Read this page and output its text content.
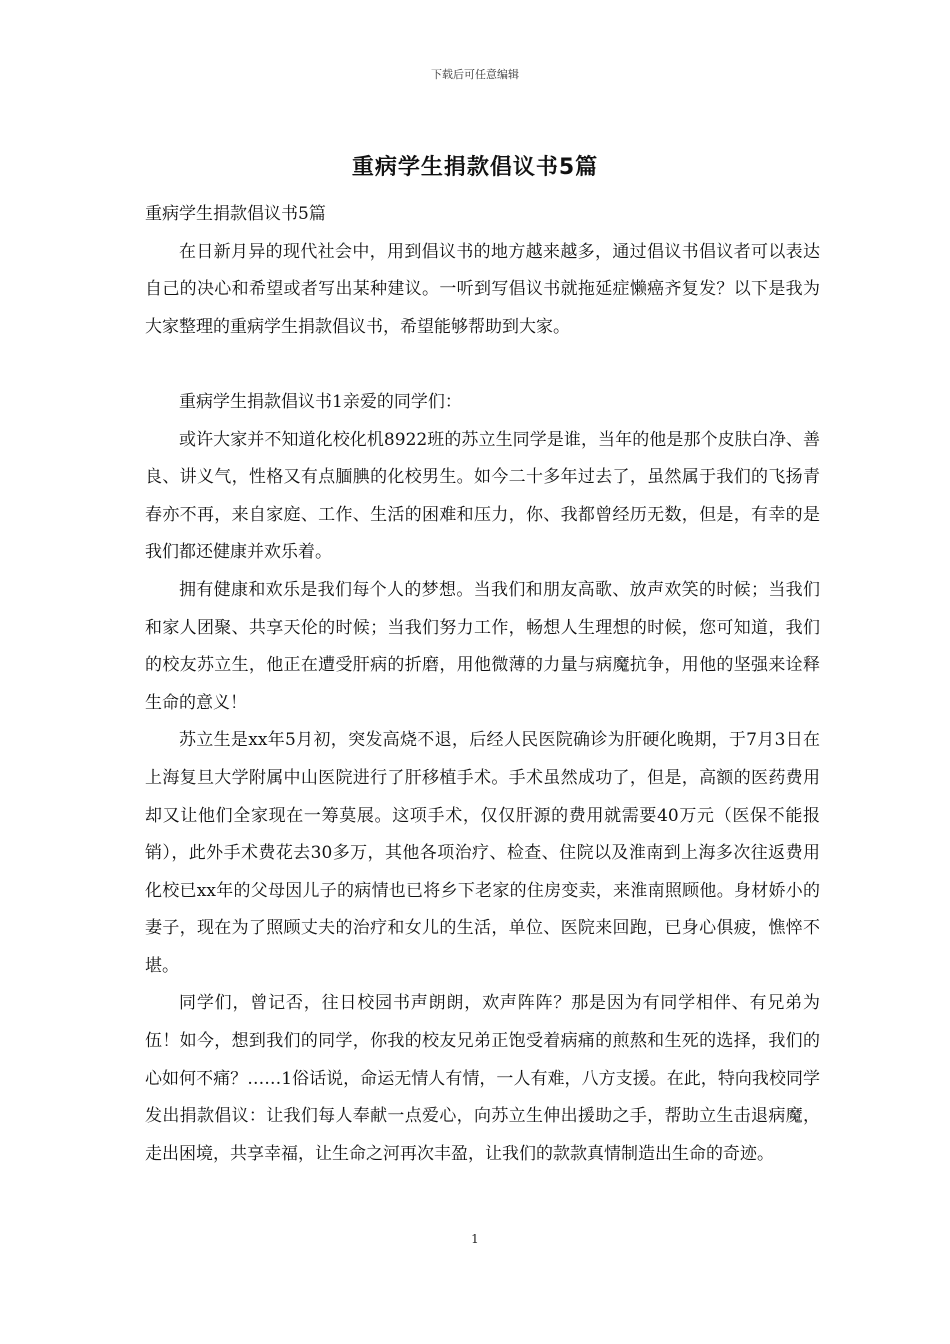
下载后可任意编辑
重病学生捐款倡议书5篇

重病学生捐款倡议书5篇

在日新月异的现代社会中，用到倡议书的地方越来越多，通过倡议书倡议者可以表达自己的决心和希望或者写出某种建议。一听到写倡议书就拖延症懒癌齐复发？以下是我为大家整理的重病学生捐款倡议书，希望能够帮助到大家。

重病学生捐款倡议书1亲爱的同学们：

或许大家并不知道化校化机8922班的苏立生同学是谁，当年的他是那个皮肤白净、善良、讲义气，性格又有点腼腆的化校男生。如今二十多年过去了，虽然属于我们的飞扬青春亦不再，来自家庭、工作、生活的困难和压力，你、我都曾经历无数，但是，有幸的是我们都还健康并欢乐着。

拥有健康和欢乐是我们每个人的梦想。当我们和朋友高歌、放声欢笑的时候；当我们和家人团聚、共享天伦的时候；当我们努力工作，畅想人生理想的时候，您可知道，我们的校友苏立生，他正在遭受肝病的折磨，用他微薄的力量与病魔抗争，用他的坚强来诠释生命的意义！

苏立生是xx年5月初，突发高烧不退，后经人民医院确诊为肝硬化晚期，于7月3日在上海复旦大学附属中山医院进行了肝移植手术。手术虽然成功了，但是，高额的医药费用却又让他们全家现在一筹莫展。这项手术，仅仅肝源的费用就需要40万元（医保不能报销），此外手术费花去30多万，其他各项治疗、检查、住院以及淮南到上海多次往返费用化校已xx年的父母因儿子的病情也已将乡下老家的住房变卖，来淮南照顾他。身材娇小的妻子，现在为了照顾丈夫的治疗和女儿的生活，单位、医院来回跑，已身心俱疲，憔悴不堪。

同学们，曾记否，往日校园书声朗朗，欢声阵阵？那是因为有同学相伴、有兄弟为伍！如今，想到我们的同学，你我的校友兄弟正饱受着病痛的煎熬和生死的选择，我们的心如何不痛？……1俗话说，命运无情人有情，一人有难，八方支援。在此，特向我校同学发出捐款倡议：让我们每人奉献一点爱心，向苏立生伸出援助之手，帮助立生击退病魔，走出困境，共享幸福，让生命之河再次丰盈，让我们的款款真情制造出生命的奇迹。

1
